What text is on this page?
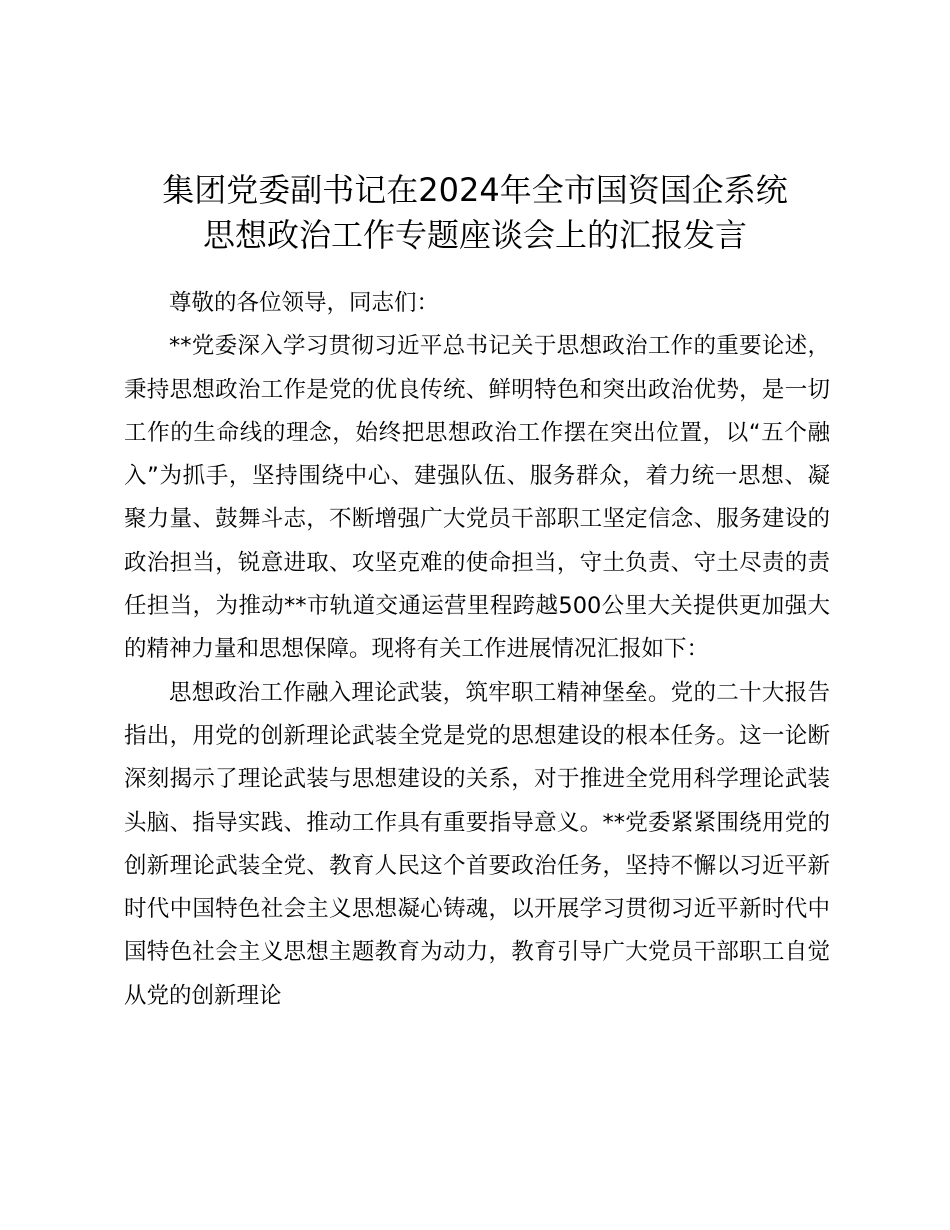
集团党委副书记在2024年全市国资国企系统
思想政治工作专题座谈会上的汇报发言

尊敬的各位领导，同志们：

**党委深入学习贯彻习近平总书记关于思想政治工作的重要论述，秉持思想政治工作是党的优良传统、鲜明特色和突出政治优势，是一切工作的生命线的理念，始终把思想政治工作摆在突出位置，以“五个融入”为抓手，坚持围绕中心、建强队伍、服务群众，着力统一思想、凝聚力量、鼓舞斗志，不断增强广大党员干部职工坚定信念、服务建设的政治担当，锐意进取、攻坚克难的使命担当，守土负责、守土尽责的责任担当，为推动**市轨道交通运营里程跨越500公里大关提供更加强大的精神力量和思想保障。现将有关工作进展情况汇报如下：

思想政治工作融入理论武装，筑牢职工精神堡垒。党的二十大报告指出，用党的创新理论武装全党是党的思想建设的根本任务。这一论断深刻揭示了理论武装与思想建设的关系，对于推进全党用科学理论武装头脑、指导实践、推动工作具有重要指导意义。**党委紧紧围绕用党的创新理论武装全党、教育人民这个首要政治任务，坚持不懈以习近平新时代中国特色社会主义思想凝心铸魂，以开展学习贯彻习近平新时代中国特色社会主义思想主题教育为动力，教育引导广大党员干部职工自觉从党的创新理论
